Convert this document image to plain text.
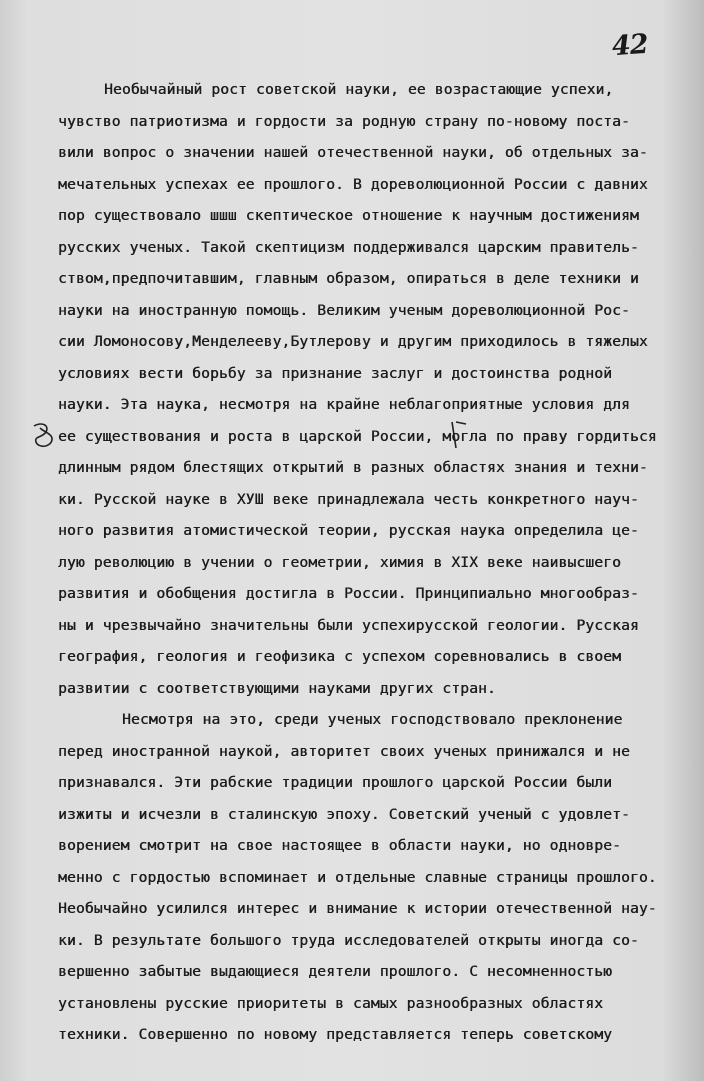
42
Необычайный рост советской науки, ее возрастающие успехи,
чувство патриотизма и гордости за родную страну по-новому поста-
вили вопрос о значении нашей отечественной науки, об отдельных за-
мечательных успехах ее прошлого. В дореволюционной России с давних
пор существовало шшш скептическое отношение к научным достижениям
русских ученых. Такой скептицизм поддерживался царским правитель-
ством,предпочитавшим, главным образом, опираться в деле техники и
науки на иностранную помощь. Великим ученым дореволюционной Рос-
сии Ломоносову,Менделееву,Бутлерову и другим приходилось в тяжелых
условиях вести борьбу за признание заслуг и достоинства родной
науки. Эта наука, несмотря на крайне неблагоприятные условия для
ее существования и роста в царской России, могла по праву гордиться
длинным рядом блестящих открытий в разных областях знания и техни-
ки. Русской науке в XУШ веке принадлежала честь конкретного науч-
ного развития атомистической теории, русская наука определила це-
лую революцию в учении о геометрии, химия в XIX веке наивысшего
развития и обобщения достигла в России. Принципиально многообраз-
ны и чрезвычайно значительны были успехирусской геологии. Русская
география, геология и геофизика с успехом соревновались в своем
развитии с соответствующими науками других стран.
Несмотря на это, среди ученых господствовало преклонение
перед иностранной наукой, авторитет своих ученых принижался и не
признавался. Эти рабские традиции прошлого царской России были
изжиты и исчезли в сталинскую эпоху. Советский ученый с удовлет-
ворением смотрит на свое настоящее в области науки, но одновре-
менно с гордостью вспоминает и отдельные славные страницы прошлого.
Необычайно усилился интерес и внимание к истории отечественной нау-
ки. В результате большого труда исследователей открыты иногда со-
вершенно забытые выдающиеся деятели прошлого. С несомненностью
установлены русские приоритеты в самых разнообразных областях
техники. Совершенно по новому представляется теперь советскому
